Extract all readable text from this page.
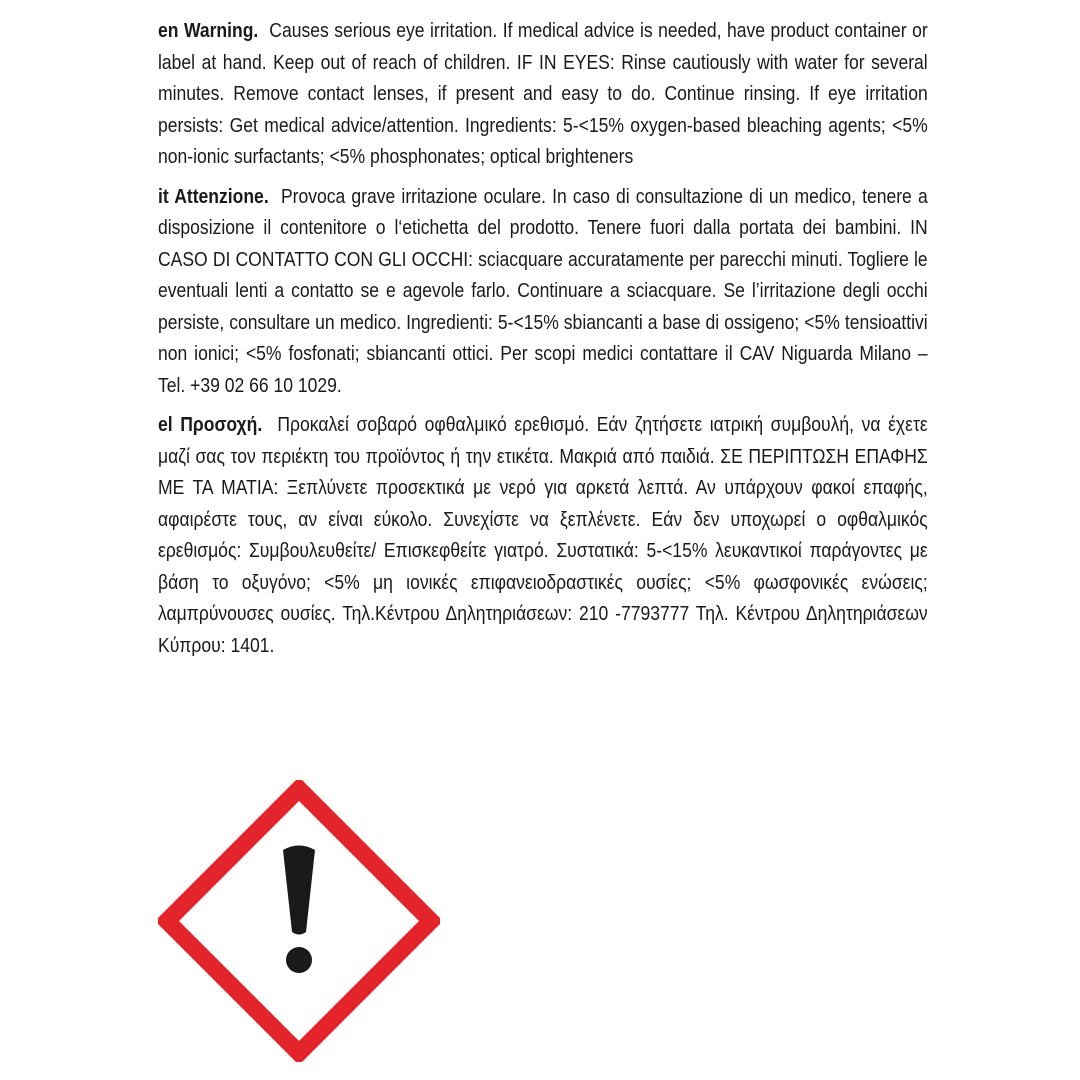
en Warning. Causes serious eye irritation. If medical advice is needed, have product container or label at hand. Keep out of reach of children. IF IN EYES: Rinse cautiously with water for several minutes. Remove contact lenses, if present and easy to do. Continue rinsing. If eye irritation persists: Get medical advice/attention. Ingredients: 5-<15% oxygen-based bleaching agents; <5% non-ionic surfactants; <5% phosphonates; optical brighteners

it Attenzione. Provoca grave irritazione oculare. In caso di consultazione di un medico, tenere a disposizione il contenitore o l‘etichetta del prodotto. Tenere fuori dalla portata dei bambini. IN CASO DI CONTATTO CON GLI OCCHI: sciacquare accuratamente per parecchi minuti. Togliere le eventuali lenti a contatto se e agevole farlo. Continuare a sciacquare. Se l’irritazione degli occhi persiste, consultare un medico. Ingredienti: 5-<15% sbiancanti a base di ossigeno; <5% tensioattivi non ionici; <5% fosfonati; sbiancanti ottici. Per scopi medici contattare il CAV Niguarda Milano – Tel. +39 02 66 10 1029.

el Προσοχή. Προκαλεί σοβαρό οφθαλμικό ερεθισμό. Εάν ζητήσετε ιατρική συμβουλή, να έχετε μαζί σας τον περιέκτη του προϊόντος ή την ετικέτα. Μακριά από παιδιά. ΣΕ ΠΕΡΙΠΤΩΣΗ ΕΠΑΦΗΣ ΜΕ ΤΑ ΜΑΤΙΑ: Ξεπλύνετε προσεκτικά με νερό για αρκετά λεπτά. Αν υπάρχουν φακοί επαφής, αφαιρέστε τους, αν είναι εύκολο. Συνεχίστε να ξεπλένετε. Εάν δεν υποχωρεί ο οφθαλμικός ερεθισμός: Συμβουλευθείτε/ Επισκεφθείτε γιατρό. Συστατικά: 5-<15% λευκαντικοί παράγοντες με βάση το οξυγόνο; <5% μη ιονικές επιφανειοδραστικές ουσίες; <5% φωσφονικές ενώσεις; λαμπρύνουσες ουσίες. Τηλ.Κέντρου Δηλητηριάσεων: 210 -7793777 Τηλ. Κέντρου Δηλητηριάσεων Κύπρου: 1401.
